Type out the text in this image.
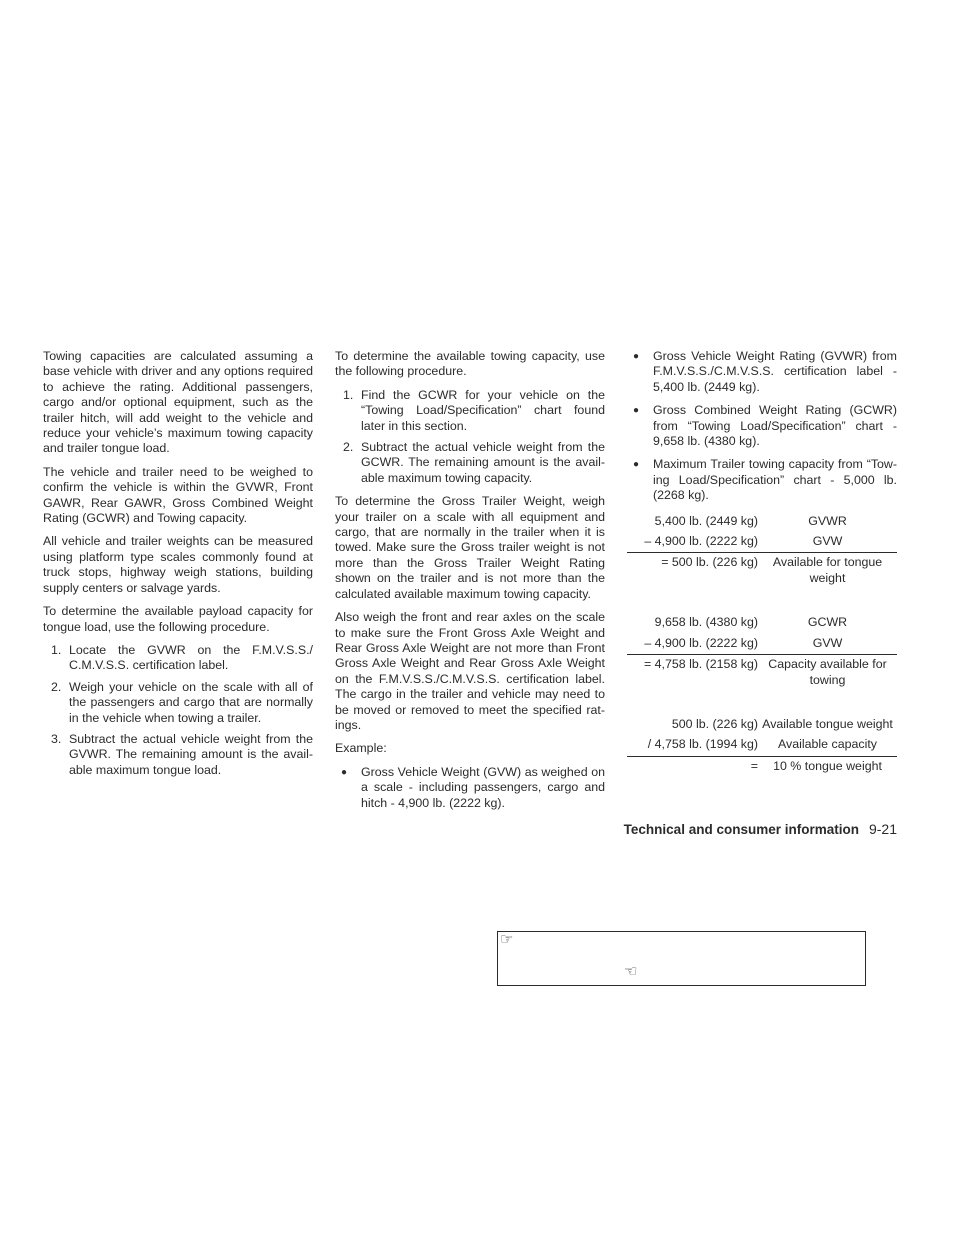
Towing capacities are calculated assuming a base vehicle with driver and any options required to achieve the rating. Additional passengers, cargo and/or optional equipment, such as the trailer hitch, will add weight to the vehicle and reduce your vehicle’s maximum towing capacity and trailer tongue load.

The vehicle and trailer need to be weighed to confirm the vehicle is within the GVWR, Front GAWR, Rear GAWR, Gross Combined Weight Rating (GCWR) and Towing capacity.

All vehicle and trailer weights can be measured using platform type scales commonly found at truck stops, highway weigh stations, building supply centers or salvage yards.

To determine the available payload capacity for tongue load, use the following procedure.

1. Locate the GVWR on the F.M.V.S.S./ C.M.V.S.S. certification label.
2. Weigh your vehicle on the scale with all of the passengers and cargo that are normally in the vehicle when towing a trailer.
3. Subtract the actual vehicle weight from the GVWR. The remaining amount is the avail- able maximum tongue load.

To determine the available towing capacity, use the following procedure.

1. Find the GCWR for your vehicle on the “Towing Load/Specification” chart found later in this section.
2. Subtract the actual vehicle weight from the GCWR. The remaining amount is the avail- able maximum towing capacity.

To determine the Gross Trailer Weight, weigh your trailer on a scale with all equipment and cargo, that are normally in the trailer when it is towed. Make sure the Gross trailer weight is not more than the Gross Trailer Weight Rating shown on the trailer and is not more than the calculated available maximum towing capacity.

Also weigh the front and rear axles on the scale to make sure the Front Gross Axle Weight and Rear Gross Axle Weight are not more than Front Gross Axle Weight and Rear Gross Axle Weight on the F.M.V.S.S./C.M.V.S.S. certification label. The cargo in the trailer and vehicle may need to be moved or removed to meet the specified rat- ings.

Example:

● Gross Vehicle Weight (GVW) as weighed on a scale - including passengers, cargo and hitch - 4,900 lb. (2222 kg).
● Gross Vehicle Weight Rating (GVWR) from F.M.V.S.S./C.M.V.S.S. certification label - 5,400 lb. (2449 kg).
● Gross Combined Weight Rating (GCWR) from “Towing Load/Specification” chart - 9,658 lb. (4380 kg).
● Maximum Trailer towing capacity from “Tow- ing Load/Specification” chart - 5,000 lb. (2268 kg).
5,400 lb. (2449 kg)	GVWR
– 4,900 lb. (2222 kg)	GVW
= 500 lb. (226 kg)	Available for tongue weight

9,658 lb. (4380 kg)	GCWR
– 4,900 lb. (2222 kg)	GVW
= 4,758 lb. (2158 kg)	Capacity available for towing

500 lb. (226 kg)	Available tongue weight
/ 4,758 lb. (1994 kg)	Available capacity
=	10 % tongue weight
Technical and consumer information 9-21
☞
☜
